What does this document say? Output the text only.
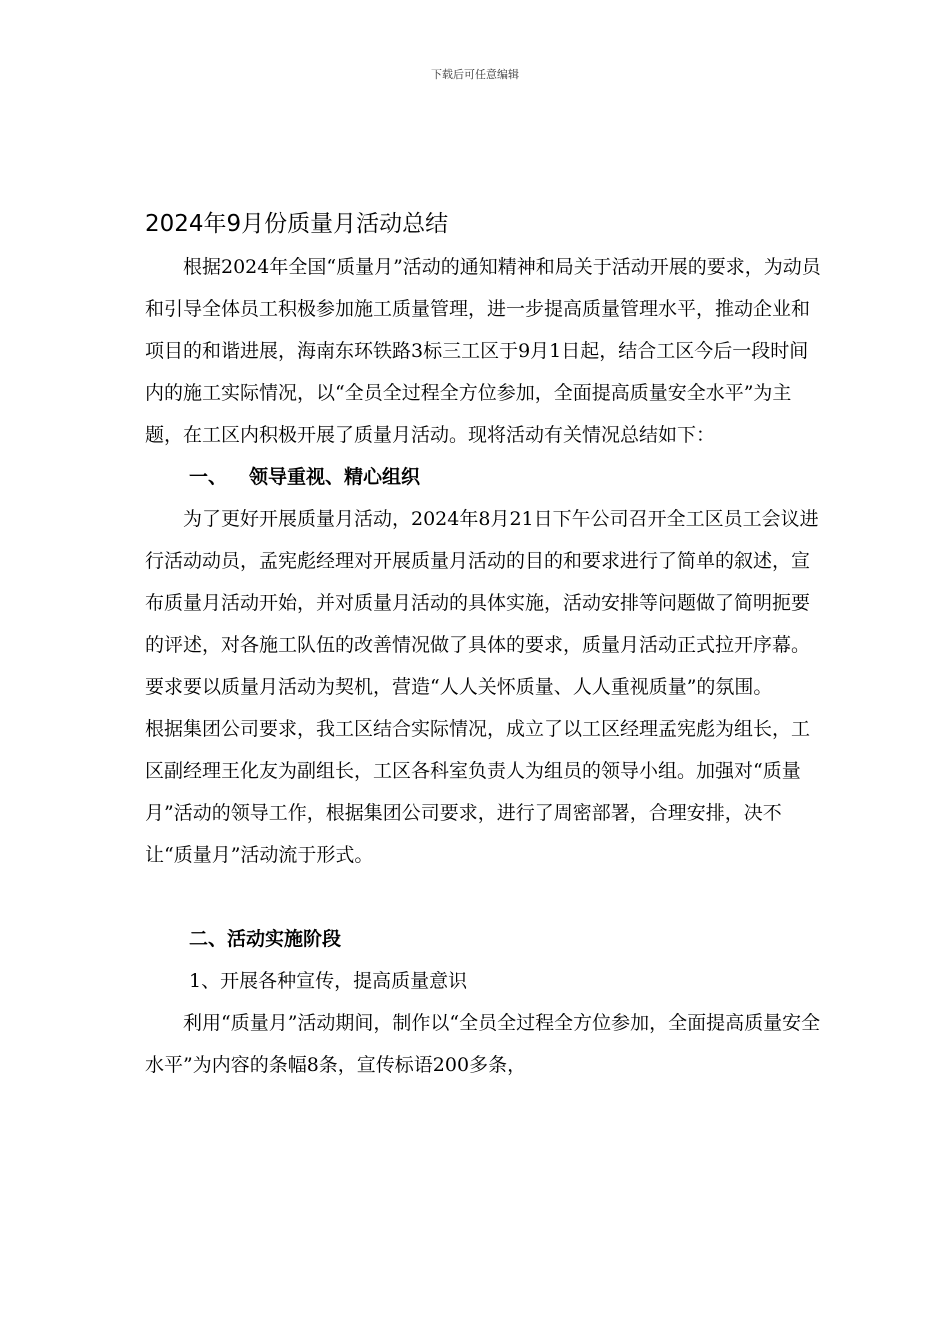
下载后可任意编辑
2024年9月份质量月活动总结

根据2024年全国“质量月”活动的通知精神和局关于活动开展的要求，为动员和引导全体员工积极参加施工质量管理，进一步提高质量管理水平，推动企业和项目的和谐进展，海南东环铁路3标三工区于9月1日起，结合工区今后一段时间内的施工实际情况，以“全员全过程全方位参加，全面提高质量安全水平”为主题，在工区内积极开展了质量月活动。现将活动有关情况总结如下：

一、 领导重视、精心组织

为了更好开展质量月活动，2024年8月21日下午公司召开全工区员工会议进行活动动员，孟宪彪经理对开展质量月活动的目的和要求进行了简单的叙述，宣布质量月活动开始，并对质量月活动的具体实施，活动安排等问题做了简明扼要的评述，对各施工队伍的改善情况做了具体的要求，质量月活动正式拉开序幕。要求要以质量月活动为契机，营造“人人关怀质量、人人重视质量”的氛围。

根据集团公司要求，我工区结合实际情况，成立了以工区经理孟宪彪为组长，工区副经理王化友为副组长，工区各科室负责人为组员的领导小组。加强对“质量月”活动的领导工作，根据集团公司要求，进行了周密部署，合理安排，决不让“质量月”活动流于形式。

二、活动实施阶段

1、开展各种宣传，提高质量意识

利用“质量月”活动期间，制作以“全员全过程全方位参加，全面提高质量安全水平”为内容的条幅8条，宣传标语200多条，
